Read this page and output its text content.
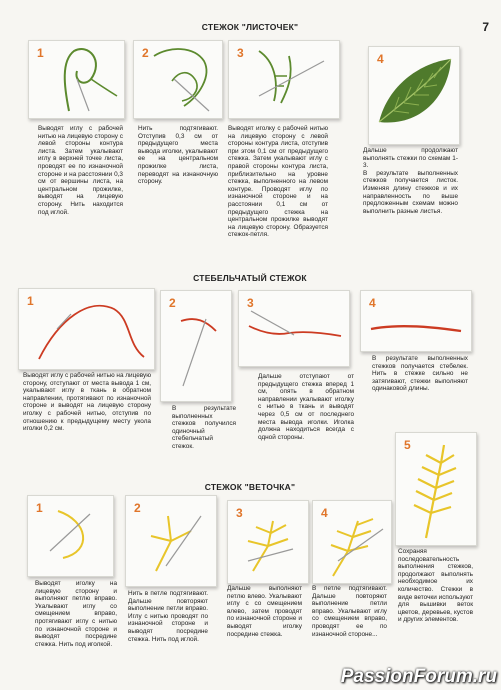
7
СТЕЖОК "ЛИСТОЧЕК"
1	2	3	4
Выводят иглу с рабочей нитью на лицевую сторону с левой стороны контура листа. Затем укалывают иглу в верхней точке листа, проводят ее по изнаночной стороне и на расстоянии 0,3 см от вершины листа, на центральном прожилке, выводят на лицевую сторону. Нить находится под иглой.
Нить подтягивают. Отступив 0,3 см от предыдущего места вывода иголки, укалывают ее на центральном прожилке листа, переводят на изнаночную сторону.
Выводят иголку с рабочей нитью на лицевую сторону с левой стороны контура листа, отступив при этом 0,1 см от предыдущего стежка. Затем укалывают иглу с правой стороны контура листа, приблизительно на уровне стежка, выполненного на левом контуре. Проводят иглу по изнаночной стороне и на расстоянии 0,1 см от предыдущего стежка на центральном прожилке выводят на лицевую сторону. Образуется стежок-петля.
Дальше продолжают выполнять стежки по схемам 1-3.
В результате выполненных стежков получается листок. Изменяя длину стежков и их направленность по выше предложенным схемам можно выполнить разные листья.
СТЕБЕЛЬЧАТЫЙ СТЕЖОК
1	2	3	4
Выводят иглу с рабочей нитью на лицевую сторону, отступают от места вывода 1 см, укалывают иглу в ткань в обратном направлении, протягивают по изнаночной стороне и выводят на лицевую сторону иголку с рабочей нитью, отступив по отношению к предыдущему месту укола иголки 0,2 см.
В результате выполненных стежков получился одиночный стебельчатый стежок.
Дальше отступают от предыдущего стежка вперед 1 см, опять в обратном направлении укалывают иголку с нитью в ткань и выводят через 0,5 см от последнего места вывода иголки. Иголка должна находиться всегда с одной стороны.
В результате выполненных стежков получается стебелек. Нить в стежке сильно не затягивают, стежки выполняют одинаковой длины.
СТЕЖОК "ВЕТОЧКА"
1	2	3	4
5
Выводят иголку на лицевую сторону и выполняют петлю вправо. Укалывают иглу со смещением вправо, протягивают иглу с нитью по изнаночной стороне и выводят посредине стежка. Нить под иголкой.
Нить в петле подтягивают. Дальше повторяют выполнение петли вправо. Иглу с нитью проводят по изнаночной стороне и выводят посредине стежка. Нить под иглой.
Дальше выполняют петлю влево. Укалывают иглу с со смещением влево, затем проводят по изнаночной стороне и выводят иголку посредине стежка.
В петле подтягивают. Дальше повторяют выполнение петли вправо. Укалывают иглу со смещением вправо, проводят ее по изнаночной стороне...
Сохраняя последовательность выполнения стежков, продолжают выполнять необходимое их количество. Стежки в виде веточки используют для вышивки веток цветов, деревьев, кустов и других элементов.
PassionForum.ru
